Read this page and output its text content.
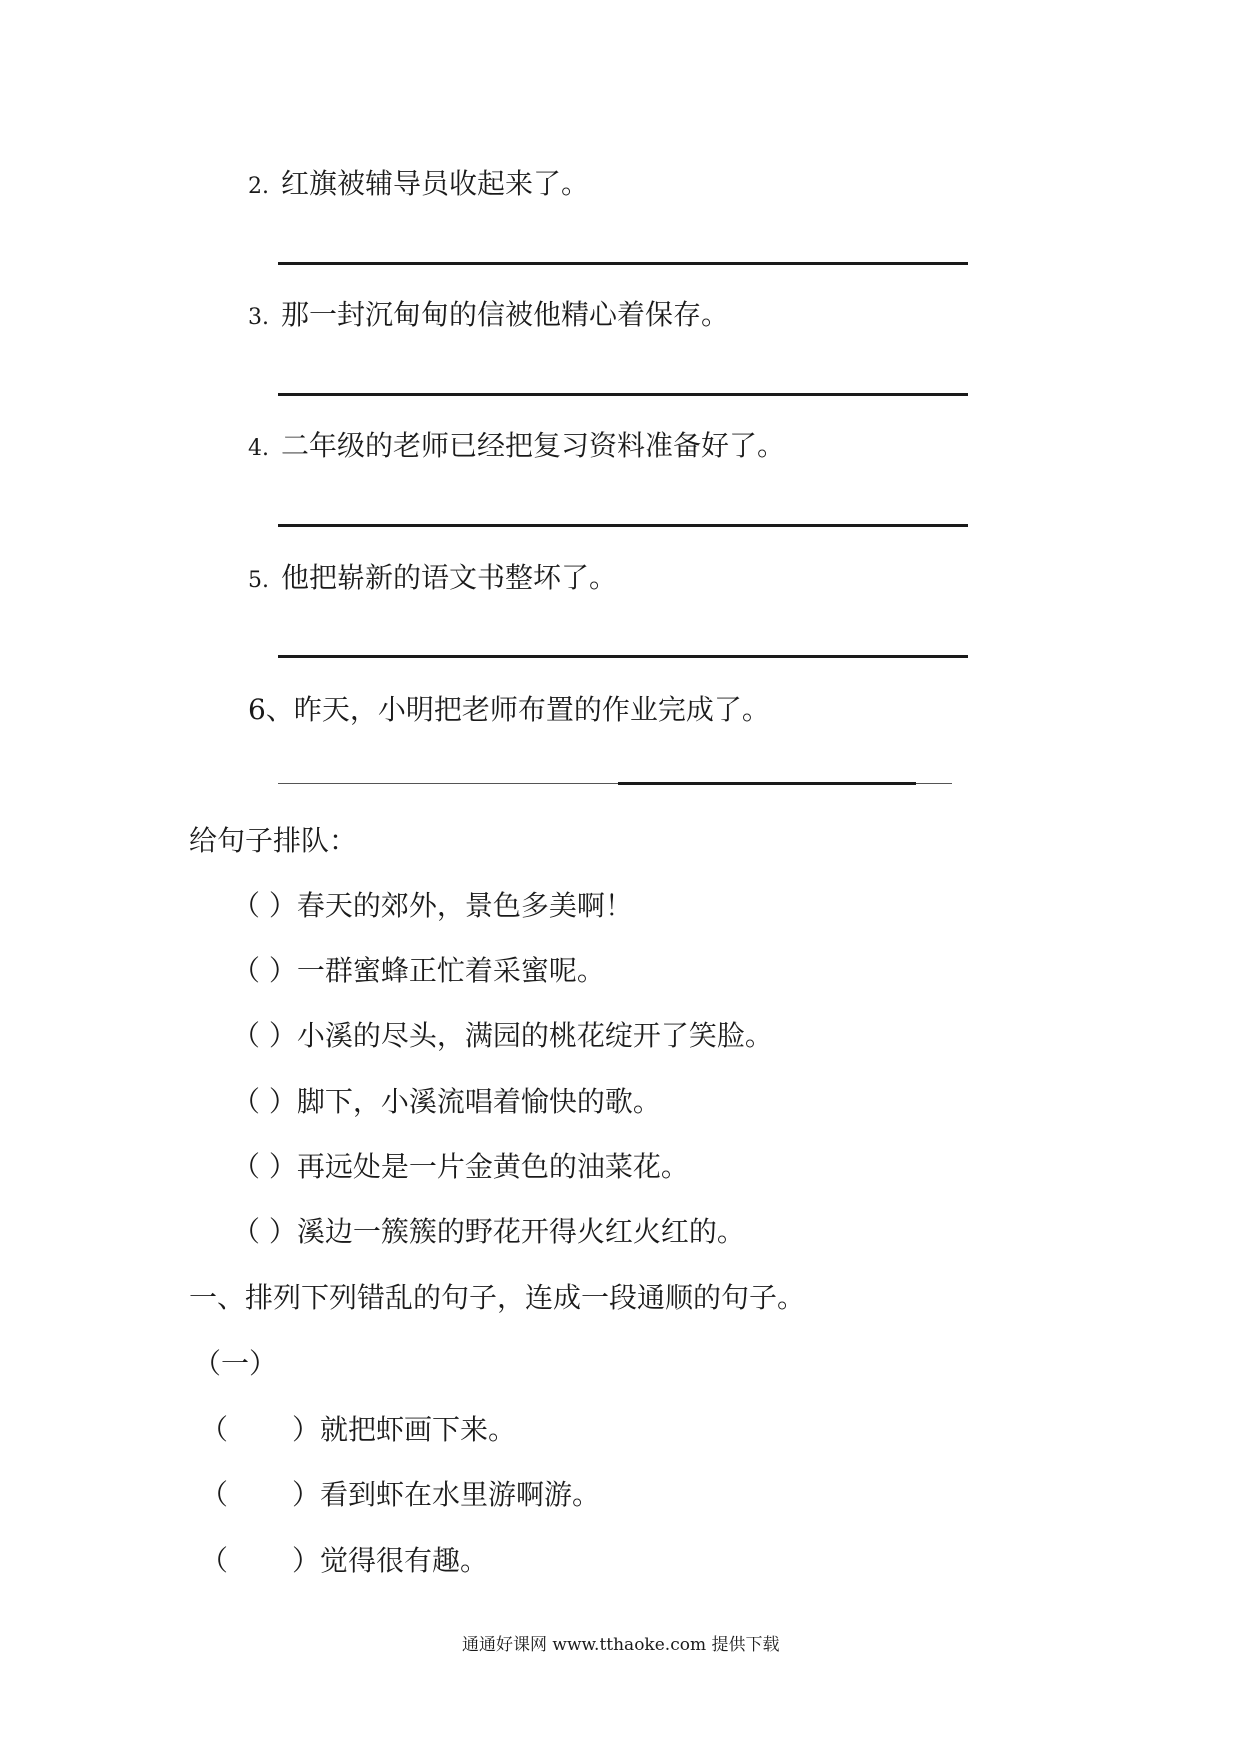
2. 红旗被辅导员收起来了。
3. 那一封沉甸甸的信被他精心着保存。
4. 二年级的老师已经把复习资料准备好了。
5. 他把崭新的语文书整坏了。
6、昨天，小明把老师布置的作业完成了。
给句子排队：
（ ）春天的郊外，景色多美啊！
（ ）一群蜜蜂正忙着采蜜呢。
（ ）小溪的尽头，满园的桃花绽开了笑脸。
（ ）脚下，小溪流唱着愉快的歌。
（ ）再远处是一片金黄色的油菜花。
（ ）溪边一簇簇的野花开得火红火红的。
一、排列下列错乱的句子，连成一段通顺的句子。
（一）
（ ）就把虾画下来。
（ ）看到虾在水里游啊游。
（ ）觉得很有趣。
通通好课网 www.tthaoke.com 提供下载
